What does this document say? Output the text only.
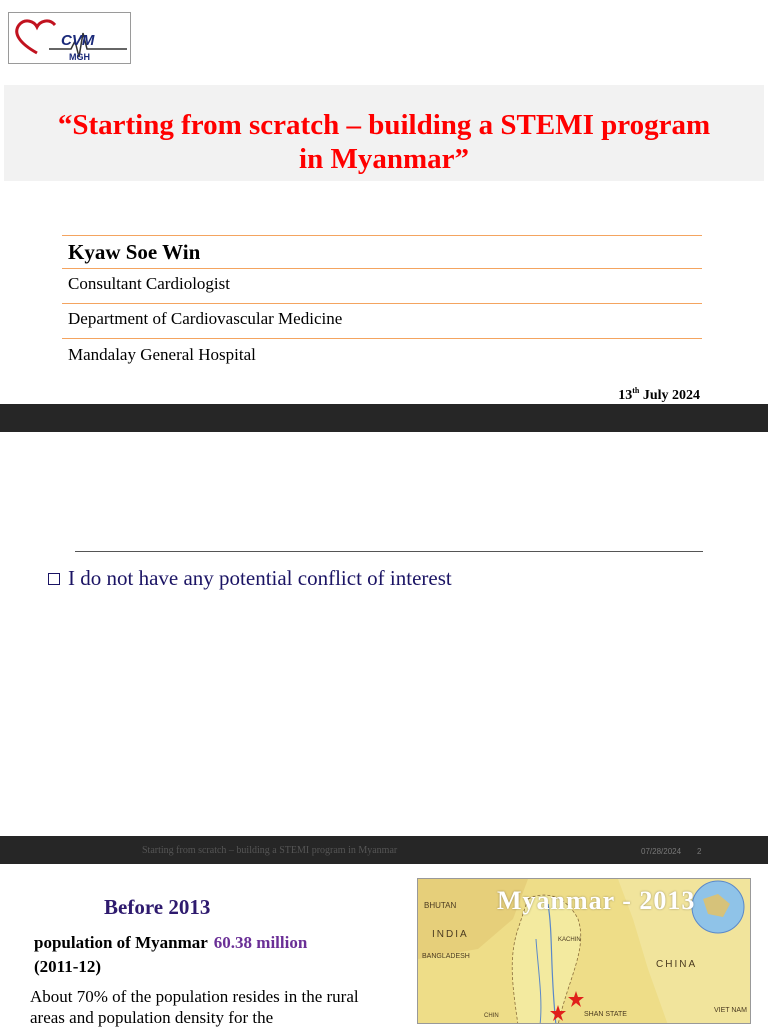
CVM
MGH
“Starting from scratch – building a STEMI program
in Myanmar”
Kyaw Soe Win
Consultant Cardiologist
Department of Cardiovascular Medicine
Mandalay General Hospital
13th July 2024
I do not have any potential conflict of interest
Starting from scratch – building a STEMI program in Myanmar	07/28/2024 2
Before 2013
population of Myanmar 60.38 million
(2011-12)
About 70% of the population resides in the rural areas and population density for the
BHUTAN
INDIA
BANGLADESH
CHINA
KACHIN
SHAN STATE
CHIN
VIET NAM
Myanmar - 2013
